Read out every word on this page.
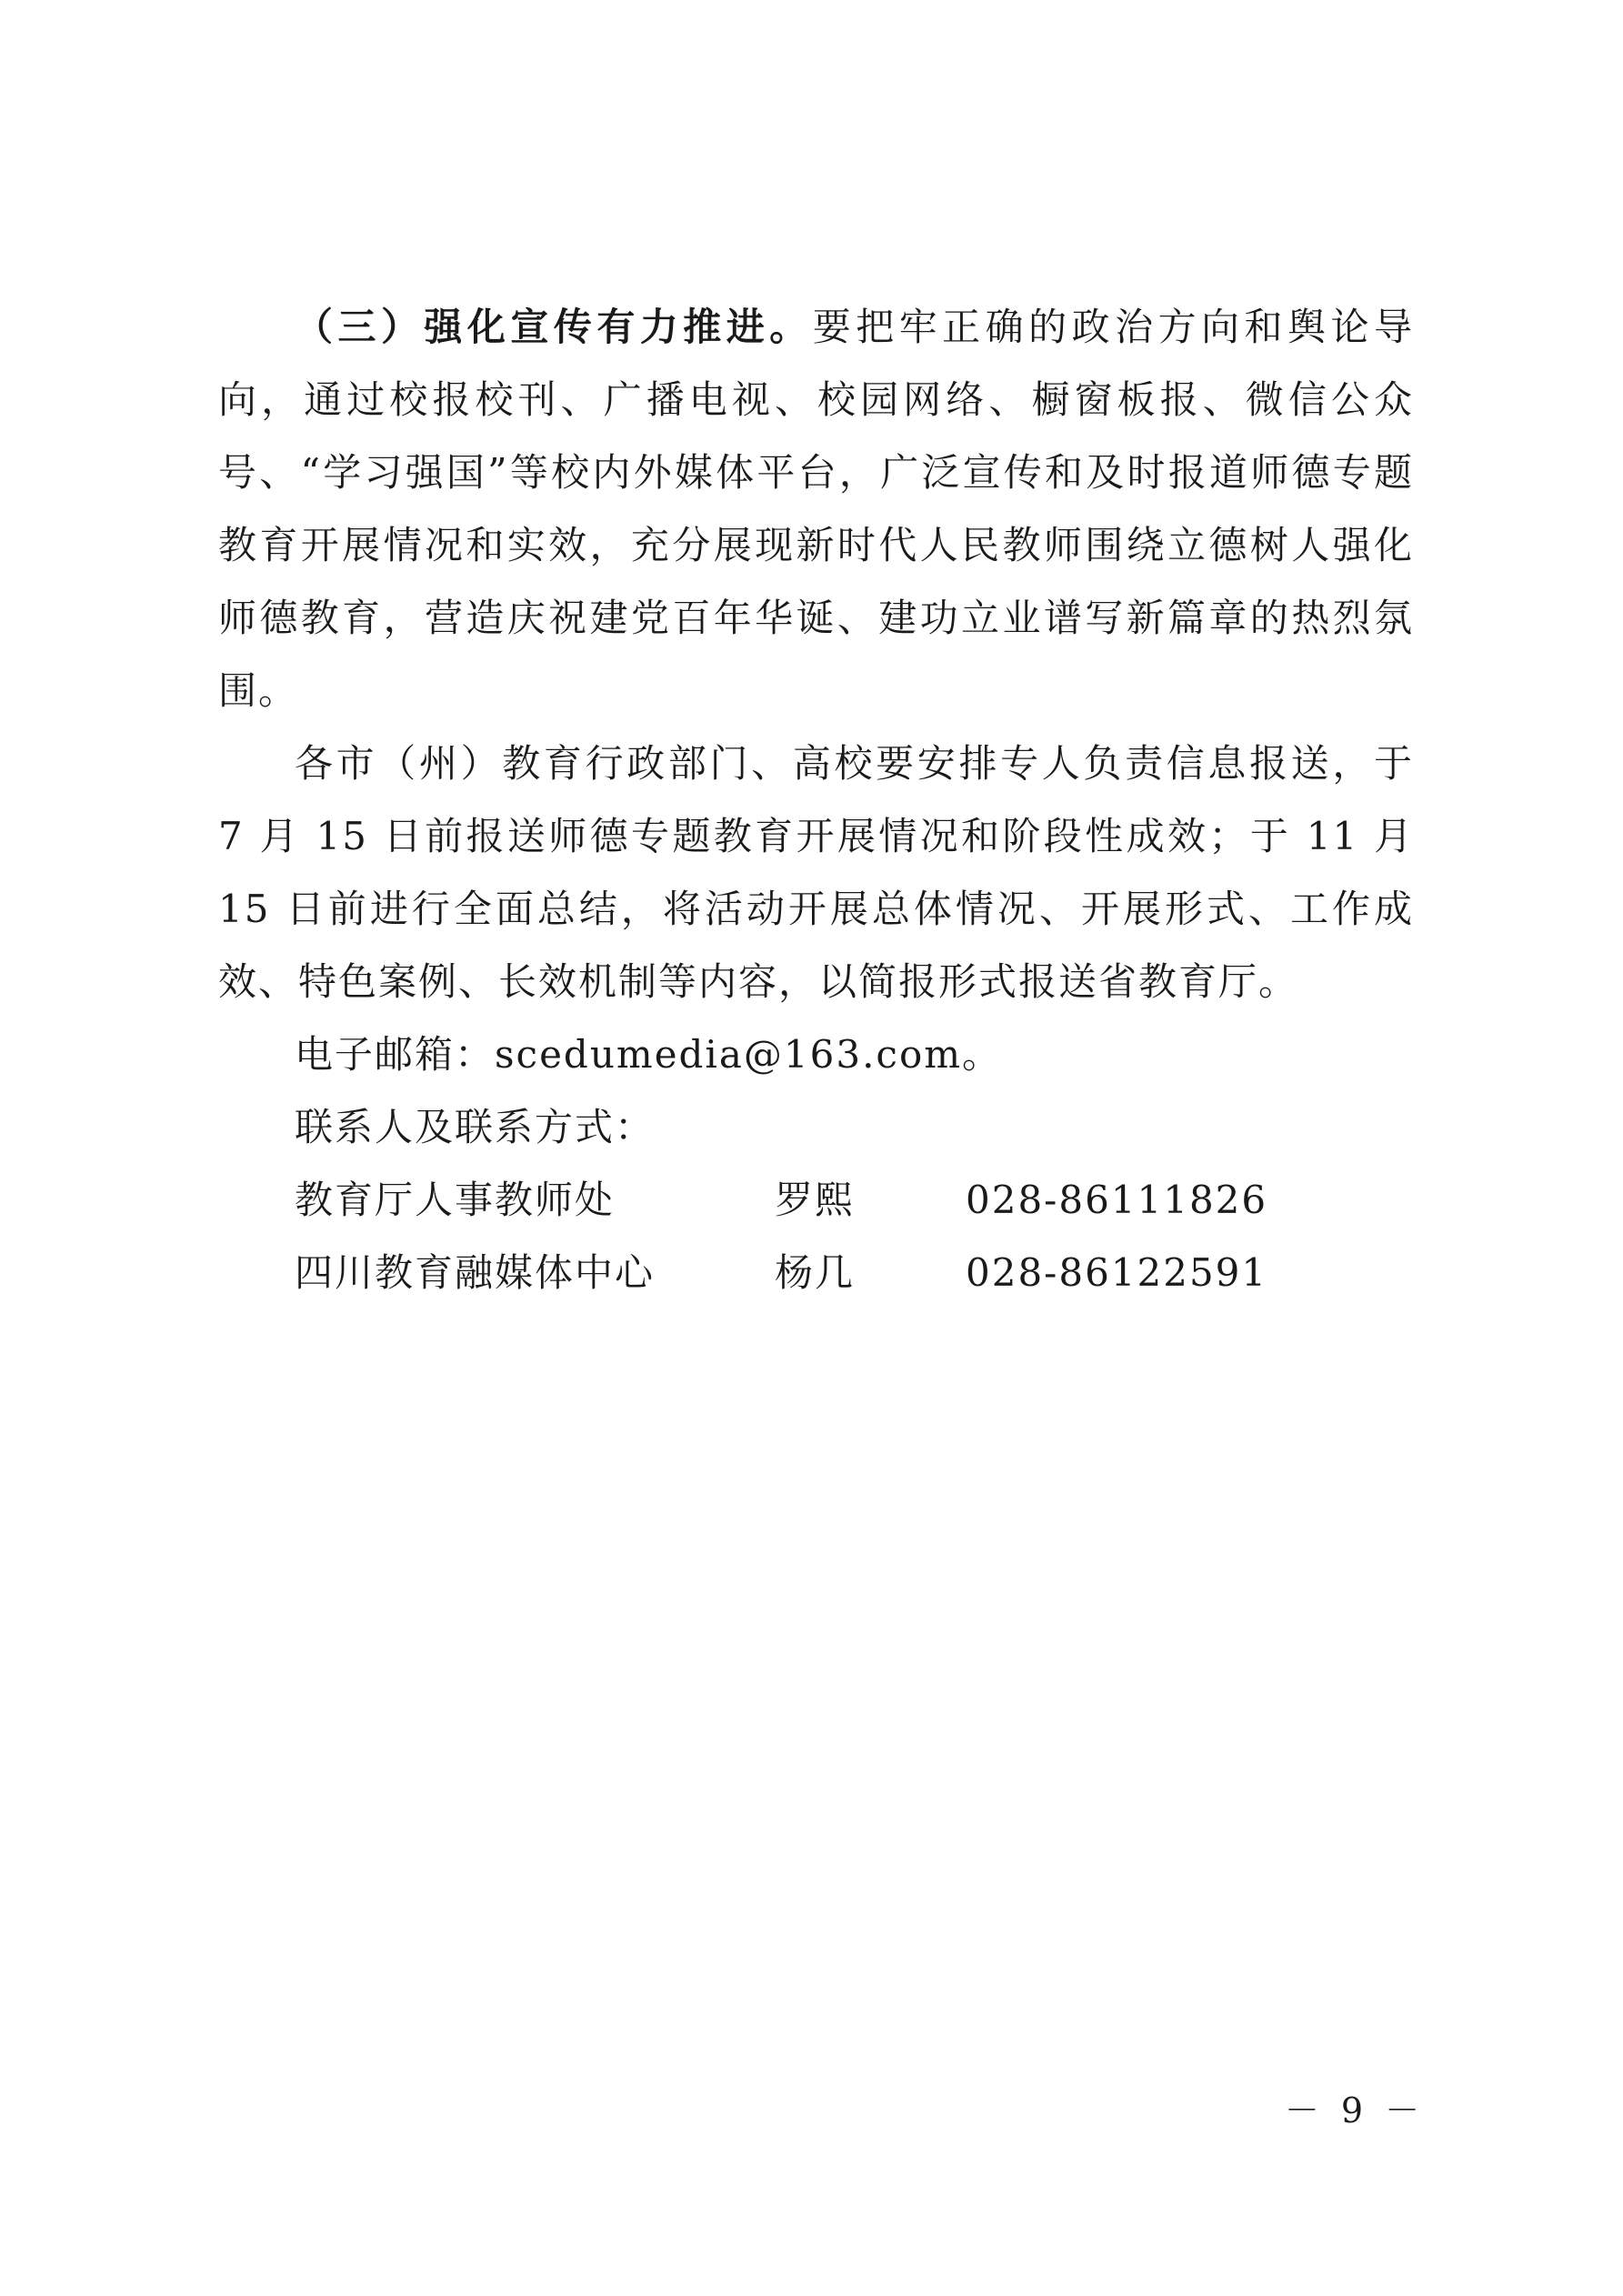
（三）强化宣传有力推进。要把牢正确的政治方向和舆论导向，通过校报校刊、广播电视、校园网络、橱窗板报、微信公众号、“学习强国”等校内外媒体平台，广泛宣传和及时报道师德专题教育开展情况和实效，充分展现新时代人民教师围绕立德树人强化师德教育，营造庆祝建党百年华诞、建功立业谱写新篇章的热烈氛围。

各市（州）教育行政部门、高校要安排专人负责信息报送，于 7 月 15 日前报送师德专题教育开展情况和阶段性成效；于 11 月 15 日前进行全面总结，将活动开展总体情况、开展形式、工作成效、特色案例、长效机制等内容，以简报形式报送省教育厅。

电子邮箱：scedumedia@163.com。

联系人及联系方式：

教育厅人事教师处	罗熙	028-86111826
四川教育融媒体中心	杨几	028-86122591
－ 9 －
